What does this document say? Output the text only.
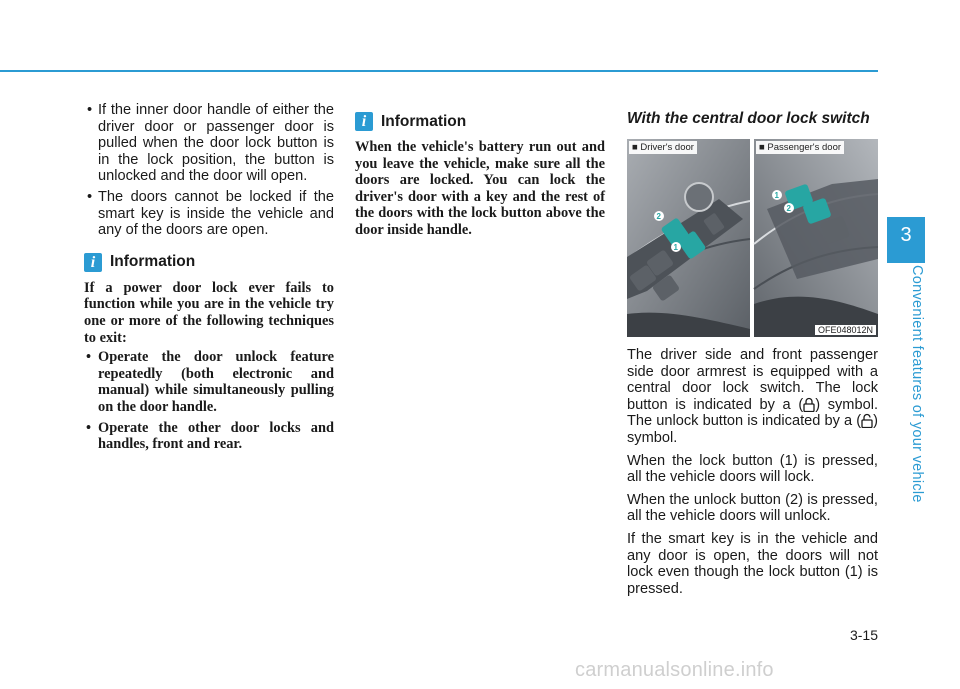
• If the inner door handle of either the driver door or passenger door is pulled when the door lock button is in the lock position, the button is unlocked and the door will open.
• The doors cannot be locked if the smart key is inside the vehicle and any of the doors are open.
i Information

If a power door lock ever fails to function while you are in the vehicle try one or more of the following techniques to exit:

• Operate the door unlock feature repeatedly (both electronic and manual) while simultaneously pulling on the door handle.
• Operate the other door locks and handles, front and rear.
i Information

When the vehicle's battery run out and you leave the vehicle, make sure all the doors are locked. You can lock the driver's door with a key and the rest of the doors with the lock button above the door inside handle.

With the central door lock switch
2
1
1
2
■ Driver's door	■ Passenger's door
OFE048012N

The driver side and front passenger side door armrest is equipped with a central door lock switch. The lock button is indicated by a ( ) symbol. The unlock button is indicated by a ( ) symbol.

When the lock button (1) is pressed, all the vehicle doors will lock.

When the unlock button (2) is pressed, all the vehicle doors will unlock.

If the smart key is in the vehicle and any door is open, the doors will not lock even though the lock button (1) is pressed.

3
Convenient features of your vehicle
3-15
carmanualsonline.info
